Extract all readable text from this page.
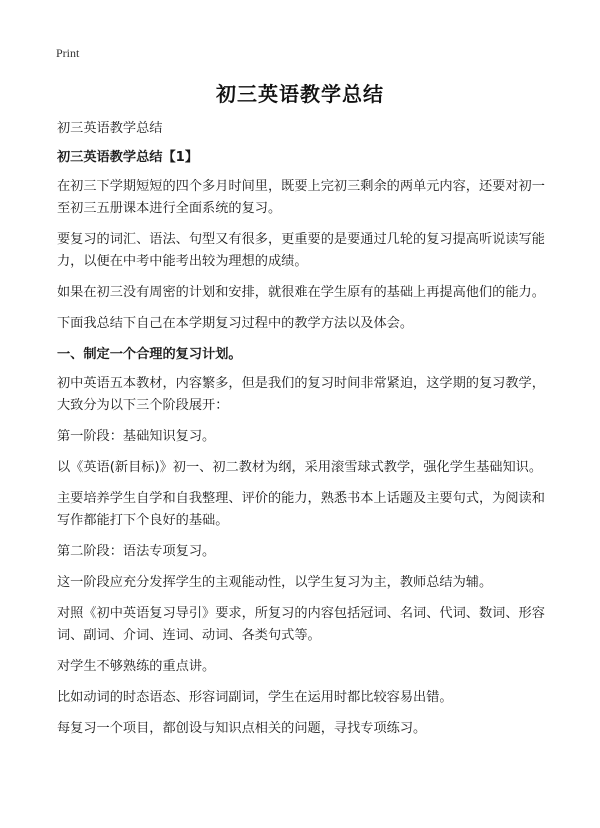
Print
初三英语教学总结

初三英语教学总结

初三英语教学总结【1】

在初三下学期短短的四个多月时间里，既要上完初三剩余的两单元内容，还要对初一至初三五册课本进行全面系统的复习。

要复习的词汇、语法、句型又有很多，更重要的是要通过几轮的复习提高听说读写能力，以便在中考中能考出较为理想的成绩。

如果在初三没有周密的计划和安排，就很难在学生原有的基础上再提高他们的能力。

下面我总结下自己在本学期复习过程中的教学方法以及体会。

一、制定一个合理的复习计划。

初中英语五本教材，内容繁多，但是我们的复习时间非常紧迫，这学期的复习教学，大致分为以下三个阶段展开：

第一阶段：基础知识复习。

以《英语(新目标)》初一、初二教材为纲，采用滚雪球式教学，强化学生基础知识。

主要培养学生自学和自我整理、评价的能力，熟悉书本上话题及主要句式，为阅读和写作都能打下个良好的基础。

第二阶段：语法专项复习。

这一阶段应充分发挥学生的主观能动性，以学生复习为主，教师总结为辅。

对照《初中英语复习导引》要求，所复习的内容包括冠词、名词、代词、数词、形容词、副词、介词、连词、动词、各类句式等。

对学生不够熟练的重点讲。

比如动词的时态语态、形容词副词，学生在运用时都比较容易出错。

每复习一个项目，都创设与知识点相关的问题，寻找专项练习。
